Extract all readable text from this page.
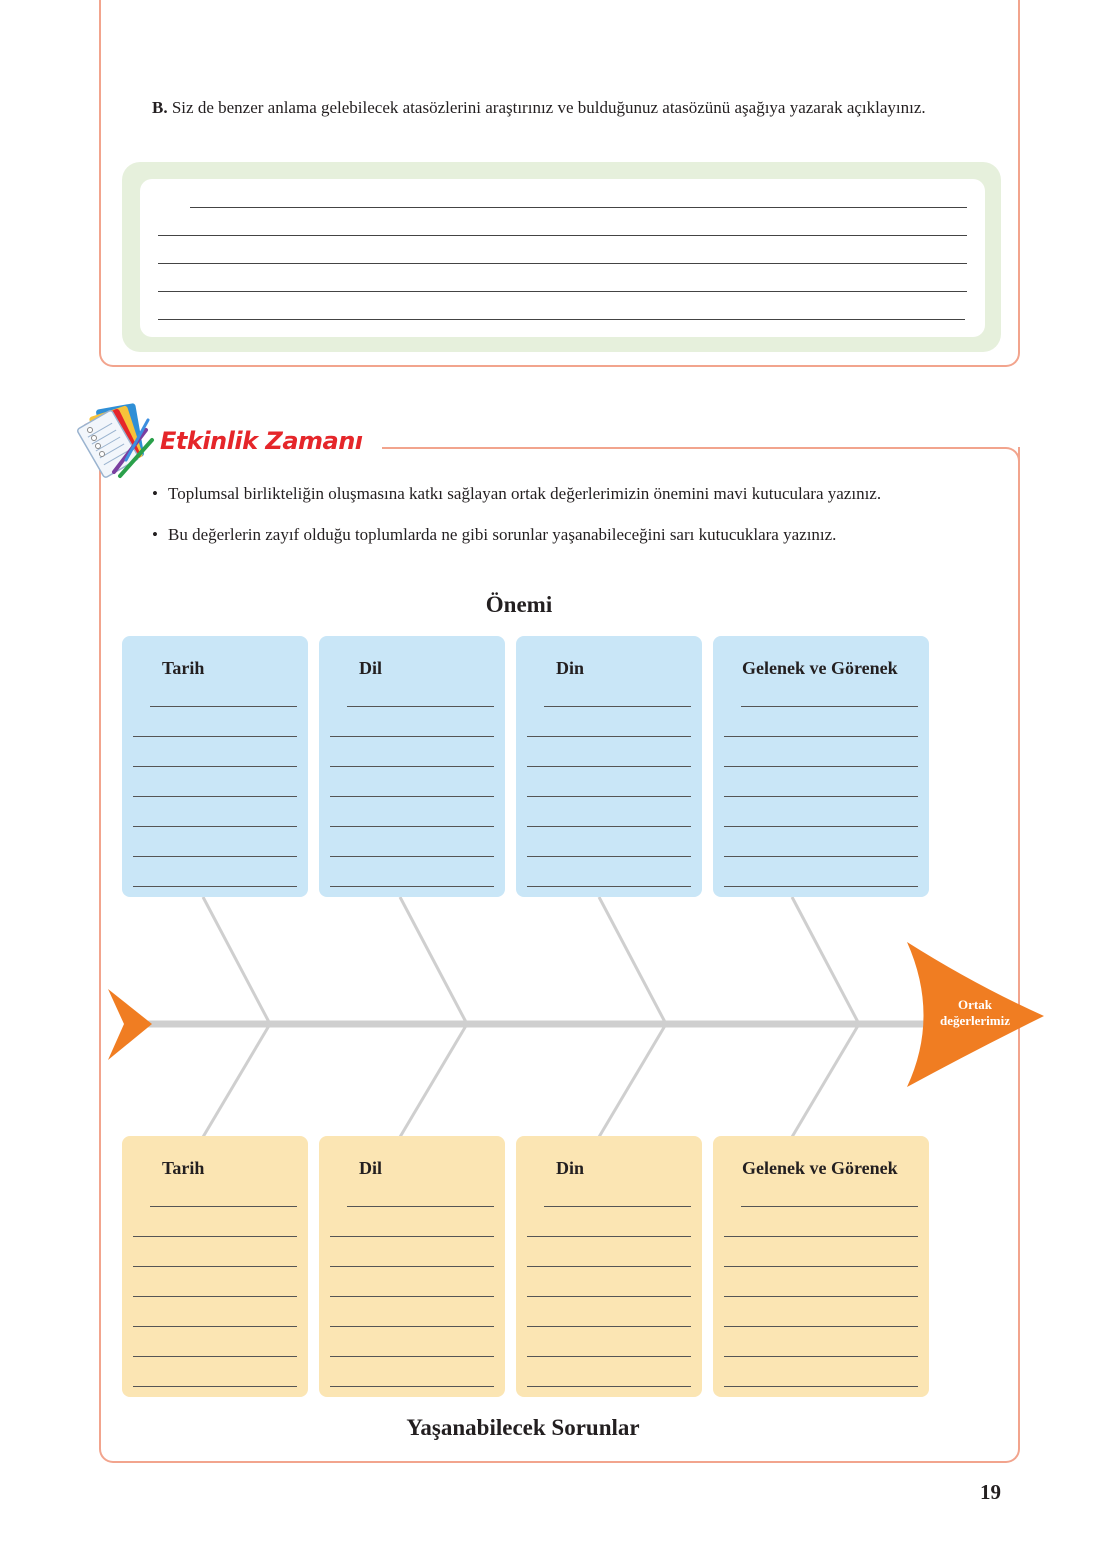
B. Siz de benzer anlama gelebilecek atasözlerini araştırınız ve bulduğunuz atasözünü aşağıya yazarak açıklayınız.

Etkinlik Zamanı
• Toplumsal birlikteliğin oluşmasına katkı sağlayan ortak değerlerimizin önemini mavi kutuculara yazınız.
• Bu değerlerin zayıf olduğu toplumlarda ne gibi sorunlar yaşanabileceğini sarı kutucuklara yazınız.
Önemi
Ortak
değerlerimiz
Tarih	Dil	Din	Gelenek ve Görenek
Tarih	Dil	Din	Gelenek ve Görenek
Yaşanabilecek Sorunlar
19
